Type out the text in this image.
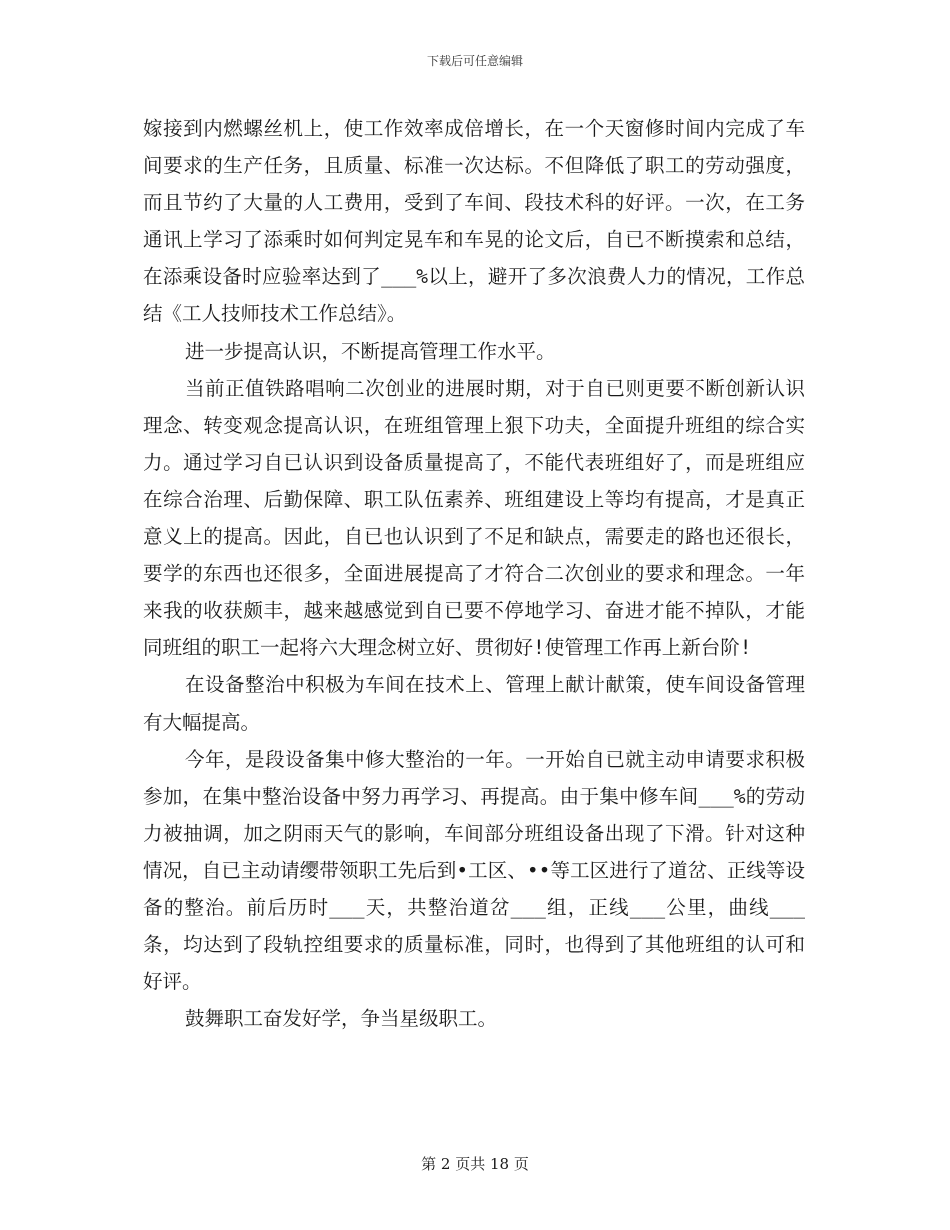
下载后可任意编辑

嫁接到内燃螺丝机上，使工作效率成倍增长，在一个天窗修时间内完成了车间要求的生产任务，且质量、标准一次达标。不但降低了职工的劳动强度，而且节约了大量的人工费用，受到了车间、段技术科的好评。一次，在工务通讯上学习了添乘时如何判定晃车和车晃的论文后，自已不断摸索和总结，在添乘设备时应验率达到了___%以上，避开了多次浪费人力的情况，工作总结《工人技师技术工作总结》。

进一步提高认识，不断提高管理工作水平。

当前正值铁路唱响二次创业的进展时期，对于自已则更要不断创新认识理念、转变观念提高认识，在班组管理上狠下功夫，全面提升班组的综合实力。通过学习自已认识到设备质量提高了，不能代表班组好了，而是班组应在综合治理、后勤保障、职工队伍素养、班组建设上等均有提高，才是真正意义上的提高。因此，自已也认识到了不足和缺点，需要走的路也还很长，要学的东西也还很多，全面进展提高了才符合二次创业的要求和理念。一年来我的收获颇丰，越来越感觉到自已要不停地学习、奋进才能不掉队，才能同班组的职工一起将六大理念树立好、贯彻好!使管理工作再上新台阶!

在设备整治中积极为车间在技术上、管理上献计献策，使车间设备管理有大幅提高。

今年，是段设备集中修大整治的一年。一开始自已就主动申请要求积极参加，在集中整治设备中努力再学习、再提高。由于集中修车间___%的劳动力被抽调，加之阴雨天气的影响，车间部分班组设备出现了下滑。针对这种情况，自已主动请缨带领职工先后到•工区、••等工区进行了道岔、正线等设备的整治。前后历时___天，共整治道岔___组，正线___公里，曲线___条，均达到了段轨控组要求的质量标准，同时，也得到了其他班组的认可和好评。

鼓舞职工奋发好学，争当星级职工。

第 2 页共 18 页
